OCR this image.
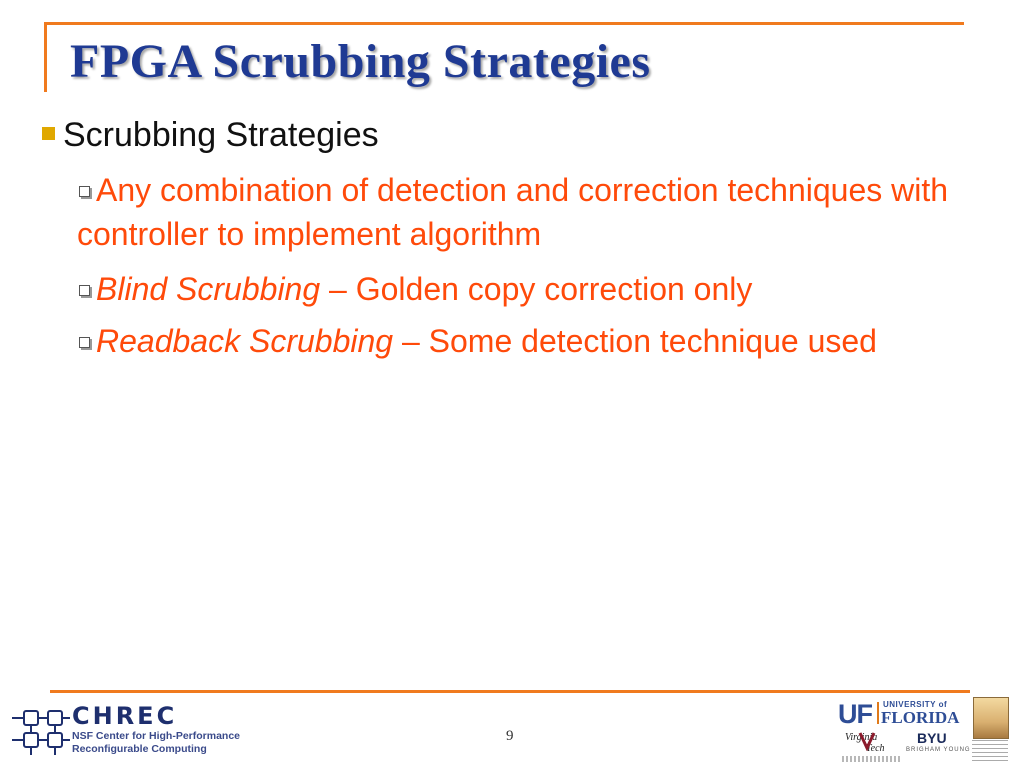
FPGA Scrubbing Strategies
Scrubbing Strategies
Any combination of detection and correction techniques with controller to implement algorithm
Blind Scrubbing – Golden copy correction only
Readback Scrubbing – Some detection technique used
CHREC
NSF Center for High-Performance
Reconfigurable Computing
9
UF UNIVERSITY of
FLORIDA
Virginia
Tech
BYU
BRIGHAM YOUNG
